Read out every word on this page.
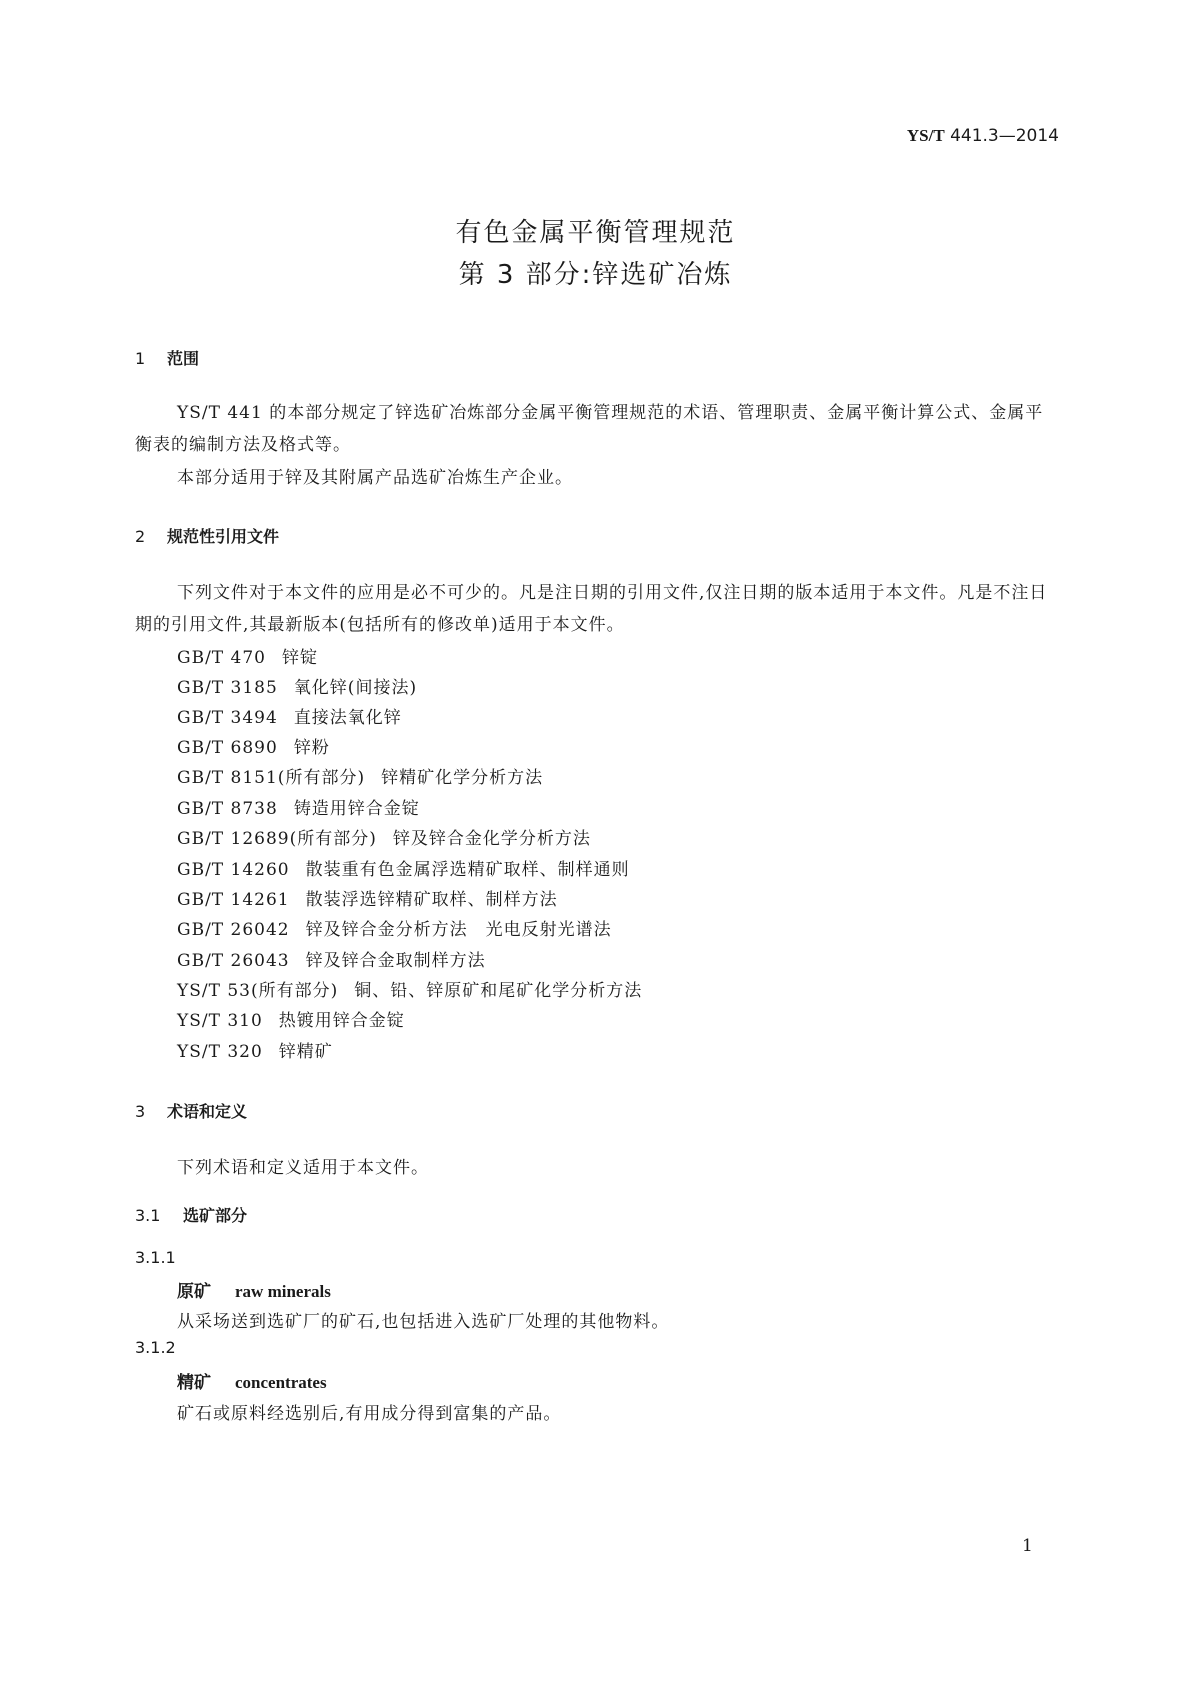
YS/T 441.3—2014
有色金属平衡管理规范
第 3 部分:锌选矿冶炼
1 范围
YS/T 441 的本部分规定了锌选矿冶炼部分金属平衡管理规范的术语、管理职责、金属平衡计算公式、金属平衡表的编制方法及格式等。
本部分适用于锌及其附属产品选矿冶炼生产企业。
2 规范性引用文件
下列文件对于本文件的应用是必不可少的。凡是注日期的引用文件,仅注日期的版本适用于本文件。凡是不注日期的引用文件,其最新版本(包括所有的修改单)适用于本文件。
GB/T 470 锌锭
GB/T 3185 氧化锌(间接法)
GB/T 3494 直接法氧化锌
GB/T 6890 锌粉
GB/T 8151(所有部分) 锌精矿化学分析方法
GB/T 8738 铸造用锌合金锭
GB/T 12689(所有部分) 锌及锌合金化学分析方法
GB/T 14260 散装重有色金属浮选精矿取样、制样通则
GB/T 14261 散装浮选锌精矿取样、制样方法
GB/T 26042 锌及锌合金分析方法　光电反射光谱法
GB/T 26043 锌及锌合金取制样方法
YS/T 53(所有部分) 铜、铅、锌原矿和尾矿化学分析方法
YS/T 310 热镀用锌合金锭
YS/T 320 锌精矿
3 术语和定义
下列术语和定义适用于本文件。
3.1 选矿部分
3.1.1
原矿 raw minerals
从采场送到选矿厂的矿石,也包括进入选矿厂处理的其他物料。
3.1.2
精矿 concentrates
矿石或原料经选别后,有用成分得到富集的产品。
1
